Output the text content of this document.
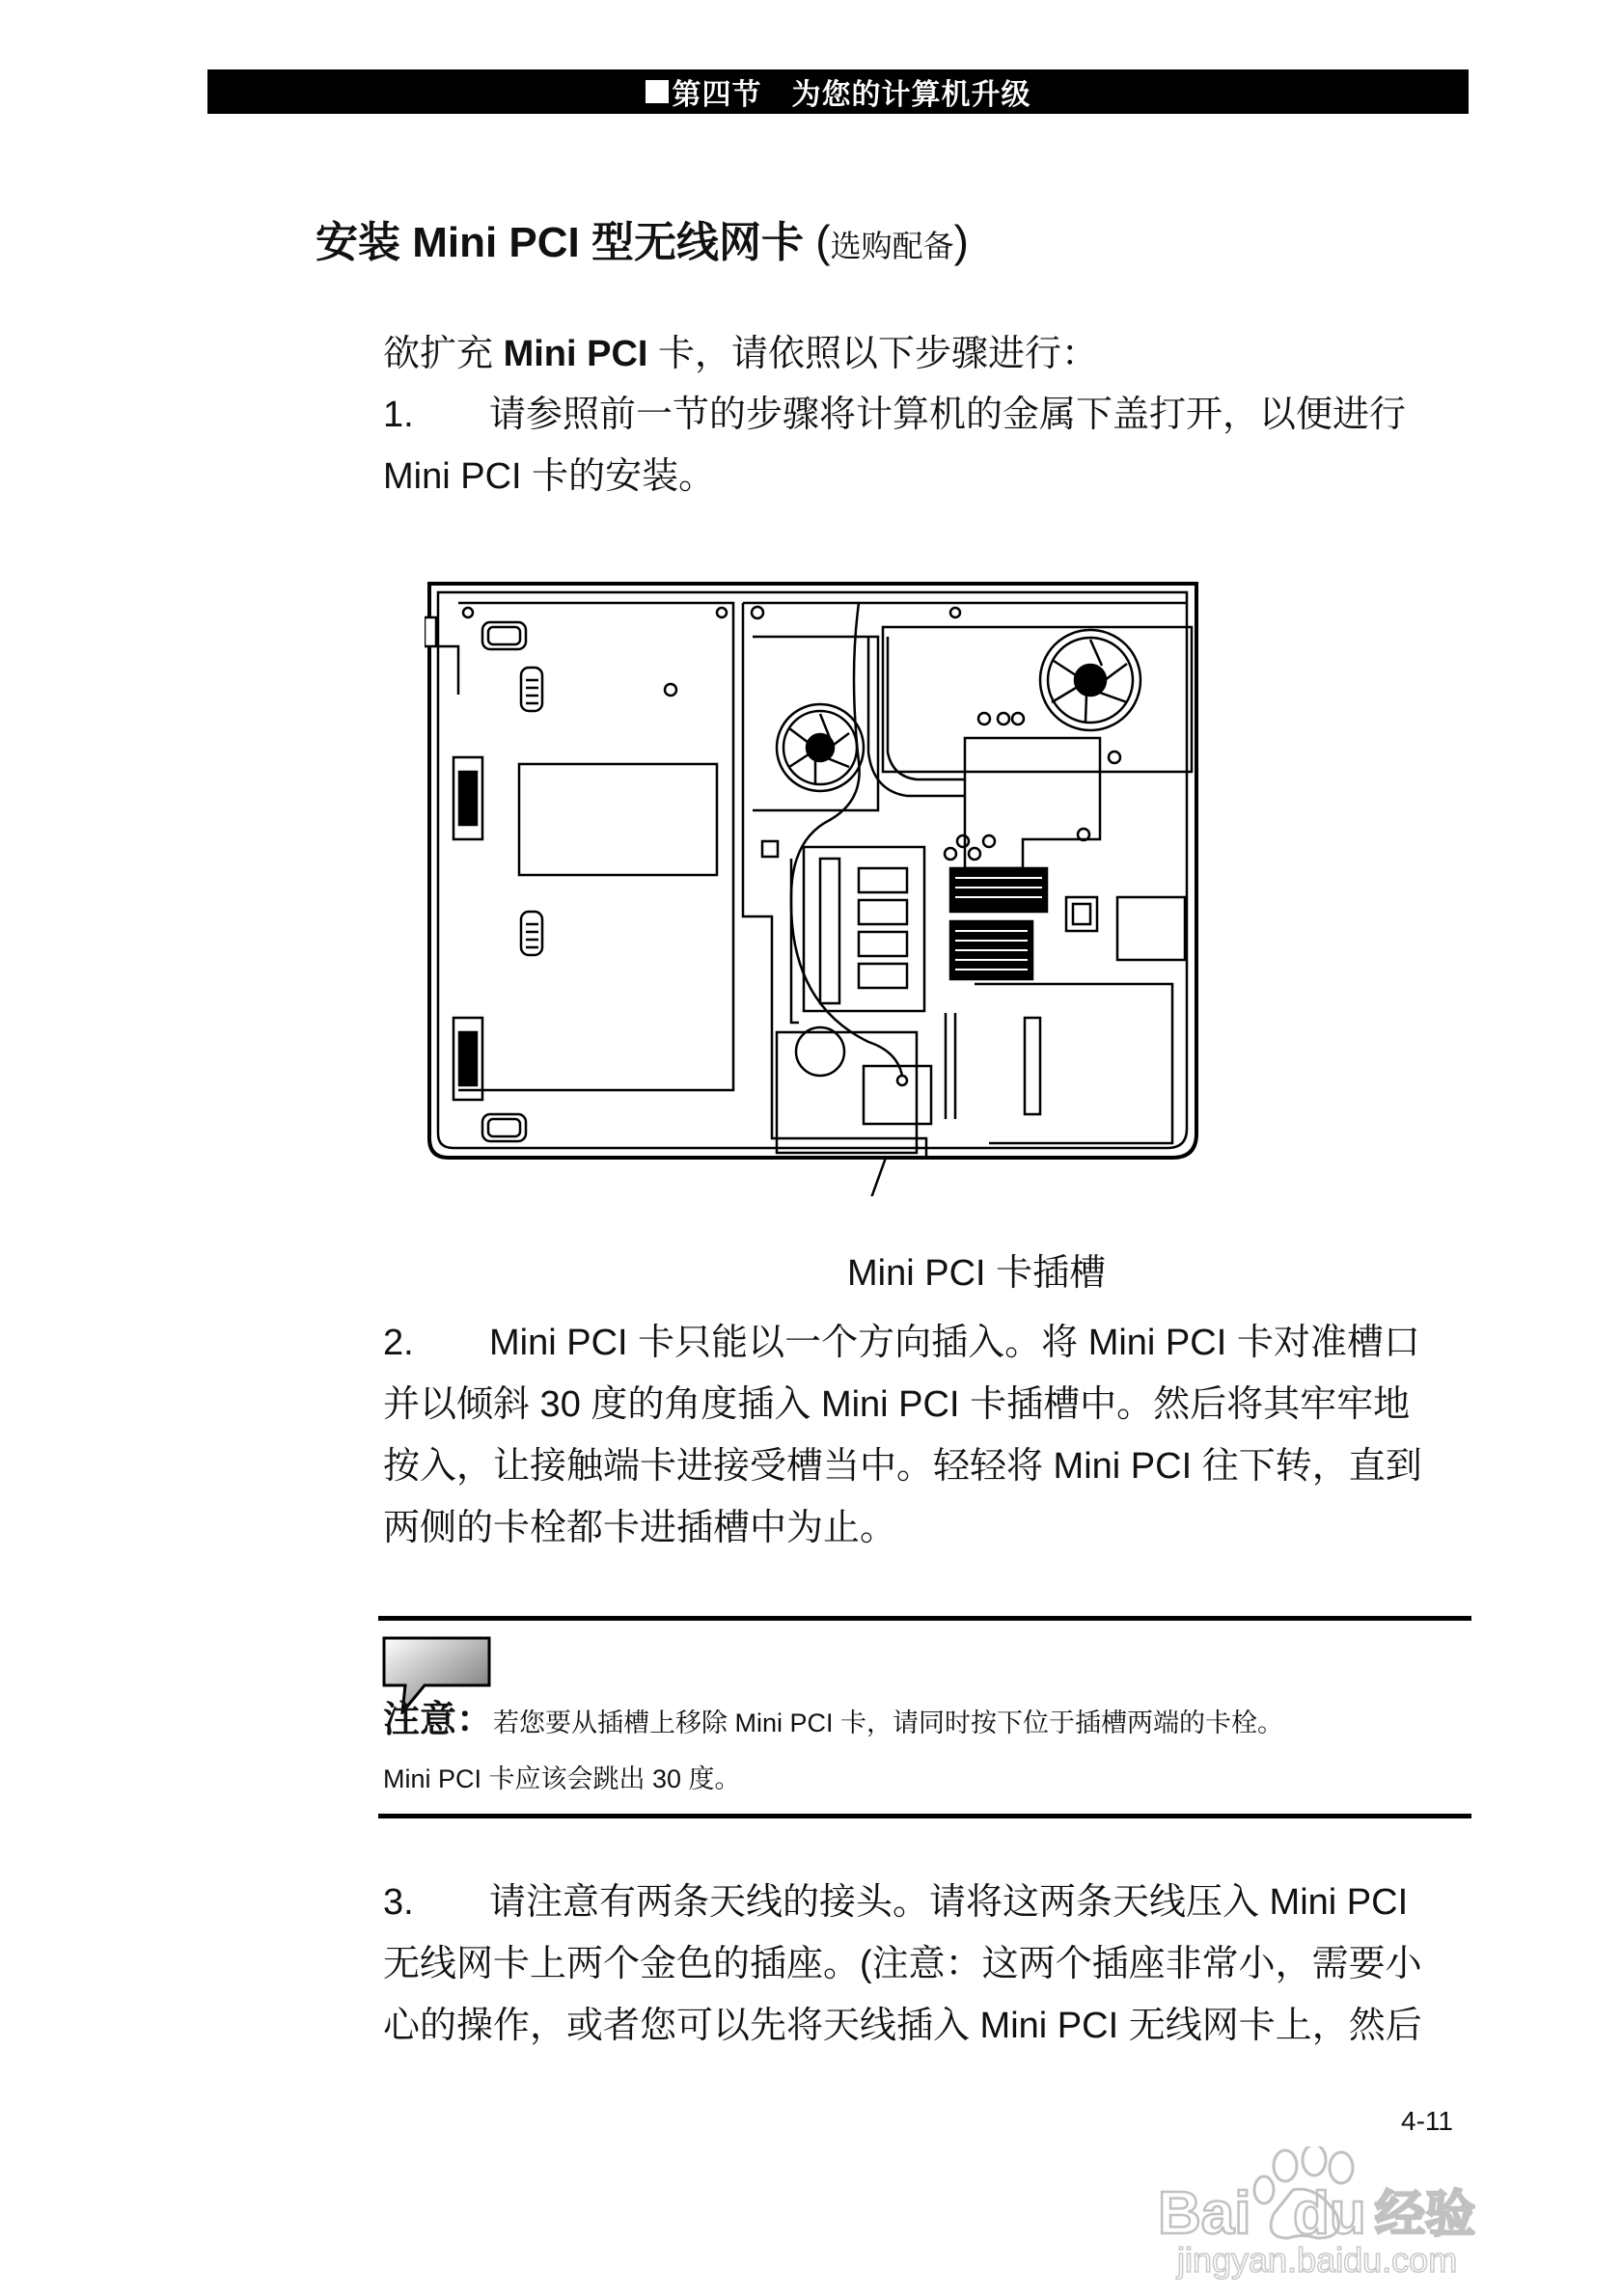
第四节　为您的计算机升级
安装 Mini PCI 型无线网卡 (选购配备)
欲扩充 Mini PCI 卡，请依照以下步骤进行：
1. 请参照前一节的步骤将计算机的金属下盖打开，以便进行
Mini PCI 卡的安装。
Mini PCI 卡插槽
2. Mini PCI 卡只能以一个方向插入。将 Mini PCI 卡对准槽口
并以倾斜 30 度的角度插入 Mini PCI 卡插槽中。然后将其牢牢地
按入，让接触端卡进接受槽当中。轻轻将 Mini PCI 往下转，直到
两侧的卡栓都卡进插槽中为止。
注意：若您要从插槽上移除 Mini PCI 卡，请同时按下位于插槽两端的卡栓。
Mini PCI 卡应该会跳出 30 度。
3. 请注意有两条天线的接头。请将这两条天线压入 Mini PCI
无线网卡上两个金色的插座。(注意：这两个插座非常小，需要小
心的操作，或者您可以先将天线插入 Mini PCI 无线网卡上，然后
4-11
Bai du 经验
jingyan.baidu.com
